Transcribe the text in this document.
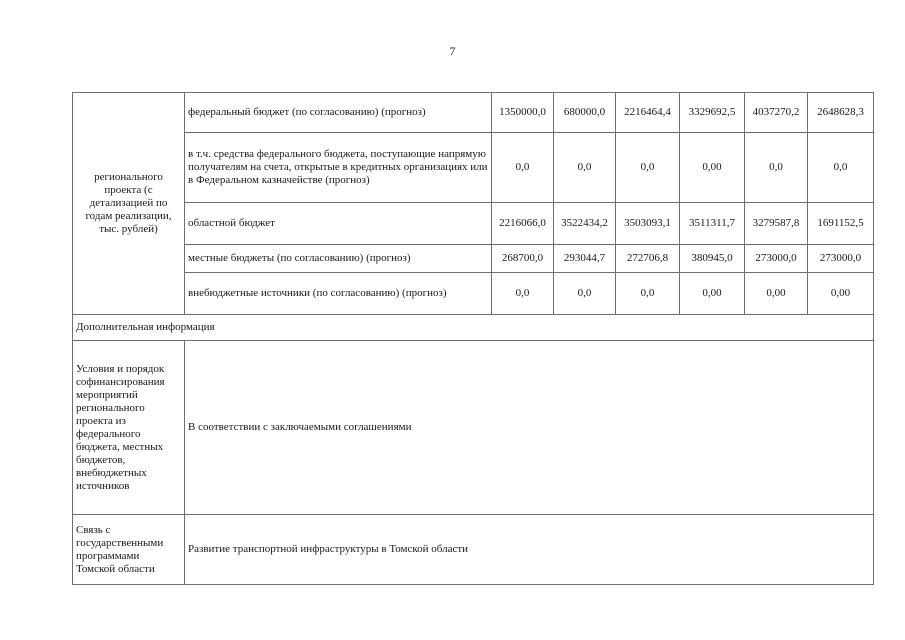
7
регионального проекта (с детализацией по годам реализации, тыс. рублей)	федеральный бюджет (по согласованию) (прогноз)	1350000,0	680000,0	2216464,4	3329692,5	4037270,2	2648628,3
	в т.ч. средства федерального бюджета, поступающие напрямую получателям на счета, открытые в кредитных организациях или в Федеральном казначействе (прогноз)	0,0	0,0	0,0	0,00	0,0	0,0
	областной бюджет	2216066,0	3522434,2	3503093,1	3511311,7	3279587,8	1691152,5
	местные бюджеты (по согласованию) (прогноз)	268700,0	293044,7	272706,8	380945,0	273000,0	273000,0
	внебюджетные источники (по согласованию) (прогноз)	0,0	0,0	0,0	0,00	0,00	0,00
Дополнительная информация							
Условия и порядок софинансирования мероприятий регионального проекта из федерального бюджета, местных бюджетов, внебюджетных источников	В соответствии с заключаемыми соглашениями						
Связь с государственными программами Томской области	Развитие транспортной инфраструктуры в Томской области						
